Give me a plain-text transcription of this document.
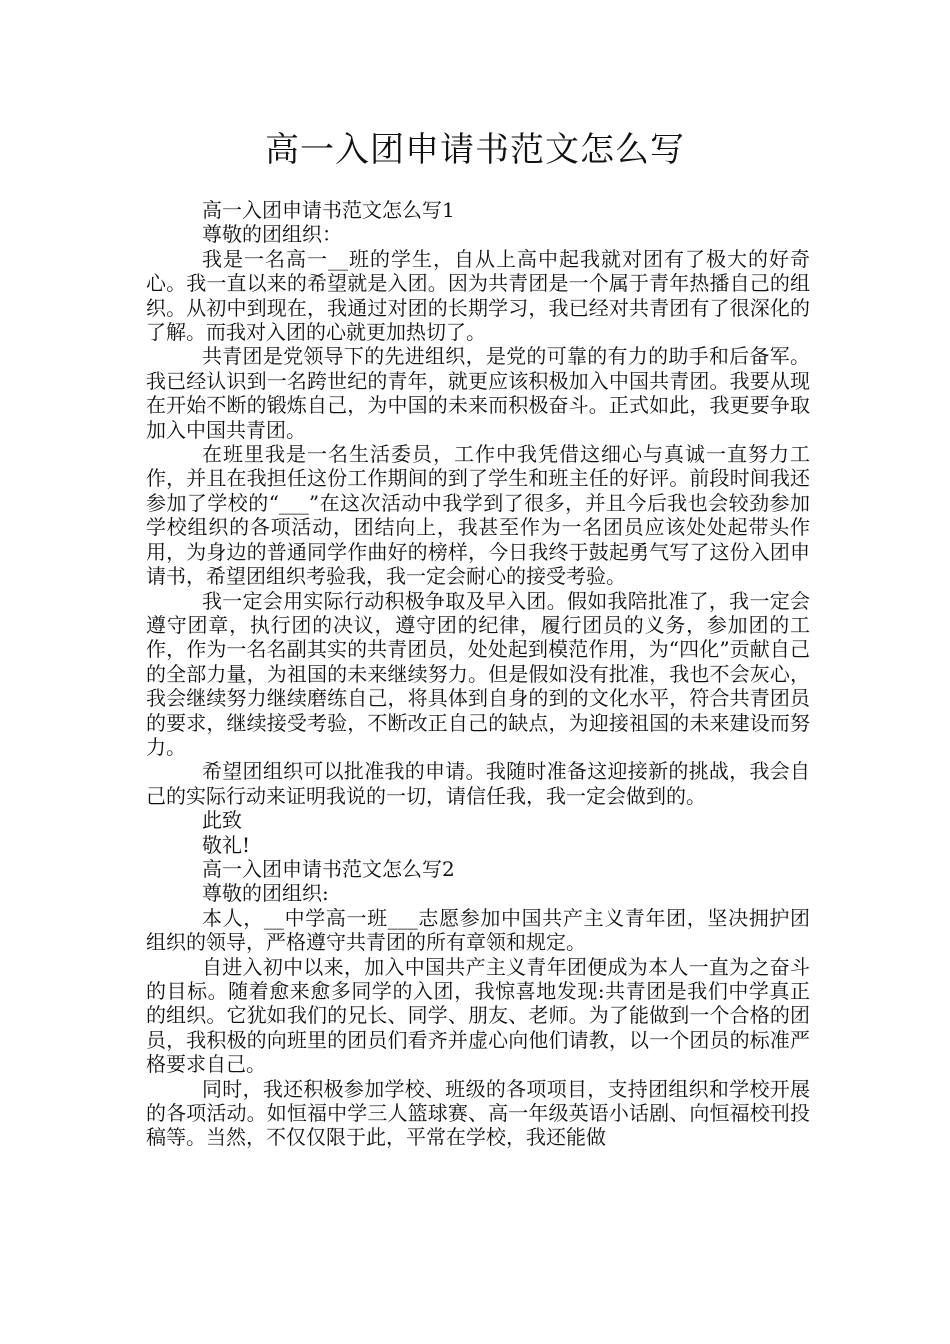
高一入团申请书范文怎么写

高一入团申请书范文怎么写1

尊敬的团组织：

我是一名高一__班的学生，自从上高中起我就对团有了极大的好奇心。我一直以来的希望就是入团。因为共青团是一个属于青年热播自己的组织。从初中到现在，我通过对团的长期学习，我已经对共青团有了很深化的了解。而我对入团的心就更加热切了。

共青团是党领导下的先进组织，是党的可靠的有力的助手和后备军。我已经认识到一名跨世纪的青年，就更应该积极加入中国共青团。我要从现在开始不断的锻炼自己，为中国的未来而积极奋斗。正式如此，我更要争取加入中国共青团。

在班里我是一名生活委员，工作中我凭借这细心与真诚一直努力工作，并且在我担任这份工作期间的到了学生和班主任的好评。前段时间我还参加了学校的“___”在这次活动中我学到了很多，并且今后我也会较劲参加学校组织的各项活动，团结向上，我甚至作为一名团员应该处处起带头作用，为身边的普通同学作曲好的榜样，今日我终于鼓起勇气写了这份入团申请书，希望团组织考验我，我一定会耐心的接受考验。

我一定会用实际行动积极争取及早入团。假如我陪批准了，我一定会遵守团章，执行团的决议，遵守团的纪律，履行团员的义务，参加团的工作，作为一名名副其实的共青团员，处处起到模范作用，为“四化”贡献自己的全部力量，为祖国的未来继续努力。但是假如没有批准，我也不会灰心，我会继续努力继续磨练自己，将具体到自身的到的文化水平，符合共青团员的要求，继续接受考验，不断改正自己的缺点，为迎接祖国的未来建设而努力。

希望团组织可以批准我的申请。我随时准备这迎接新的挑战，我会自己的实际行动来证明我说的一切，请信任我，我一定会做到的。

此致

敬礼!

高一入团申请书范文怎么写2

尊敬的团组织:

本人，__中学高一班___志愿参加中国共产主义青年团，坚决拥护团组织的领导，严格遵守共青团的所有章领和规定。

自进入初中以来，加入中国共产主义青年团便成为本人一直为之奋斗的目标。随着愈来愈多同学的入团，我惊喜地发现:共青团是我们中学真正的组织。它犹如我们的兄长、同学、朋友、老师。为了能做到一个合格的团员，我积极的向班里的团员们看齐并虚心向他们请教，以一个团员的标准严格要求自己。

同时，我还积极参加学校、班级的各项项目，支持团组织和学校开展的各项活动。如恒福中学三人篮球赛、高一年级英语小话剧、向恒福校刊投稿等。当然，不仅仅限于此，平常在学校，我还能做
